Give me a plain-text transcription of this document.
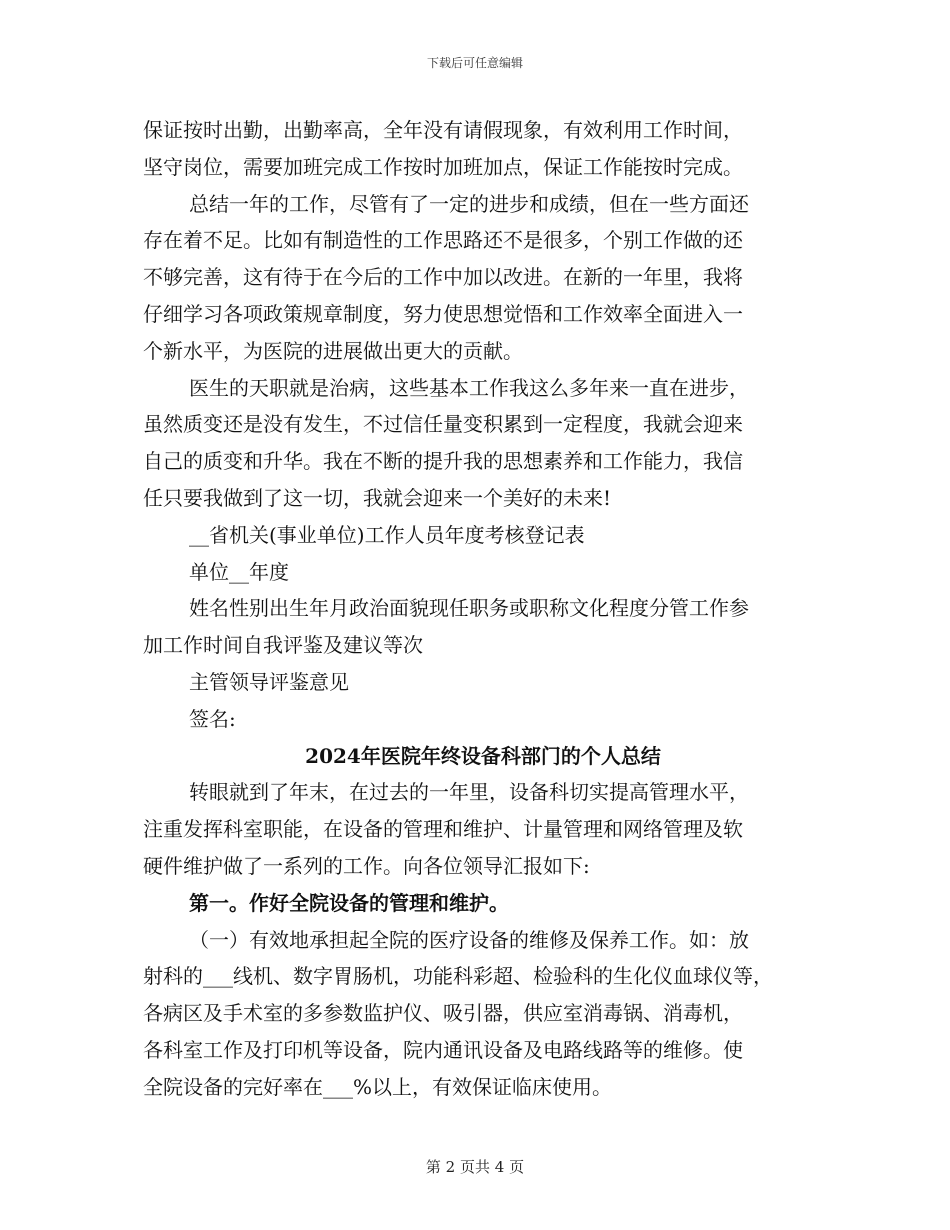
下载后可任意编辑

保证按时出勤，出勤率高，全年没有请假现象，有效利用工作时间，

坚守岗位，需要加班完成工作按时加班加点，保证工作能按时完成。

总结一年的工作，尽管有了一定的进步和成绩，但在一些方面还

存在着不足。比如有制造性的工作思路还不是很多，个别工作做的还

不够完善，这有待于在今后的工作中加以改进。在新的一年里，我将

仔细学习各项政策规章制度，努力使思想觉悟和工作效率全面进入一

个新水平，为医院的进展做出更大的贡献。

医生的天职就是治病，这些基本工作我这么多年来一直在进步，

虽然质变还是没有发生，不过信任量变积累到一定程度，我就会迎来

自己的质变和升华。我在不断的提升我的思想素养和工作能力，我信

任只要我做到了这一切，我就会迎来一个美好的未来!

__省机关(事业单位)工作人员年度考核登记表

单位__年度

姓名性别出生年月政治面貌现任职务或职称文化程度分管工作参

加工作时间自我评鉴及建议等次

主管领导评鉴意见

签名:

2024年医院年终设备科部门的个人总结

转眼就到了年末，在过去的一年里，设备科切实提高管理水平，

注重发挥科室职能，在设备的管理和维护、计量管理和网络管理及软

硬件维护做了一系列的工作。向各位领导汇报如下:

第一。作好全院设备的管理和维护。

（一）有效地承担起全院的医疗设备的维修及保养工作。如：放

射科的___线机、数字胃肠机，功能科彩超、检验科的生化仪血球仪等，

各病区及手术室的多参数监护仪、吸引器，供应室消毒锅、消毒机，

各科室工作及打印机等设备，院内通讯设备及电路线路等的维修。使

全院设备的完好率在___%以上，有效保证临床使用。

第 2 页共 4 页
